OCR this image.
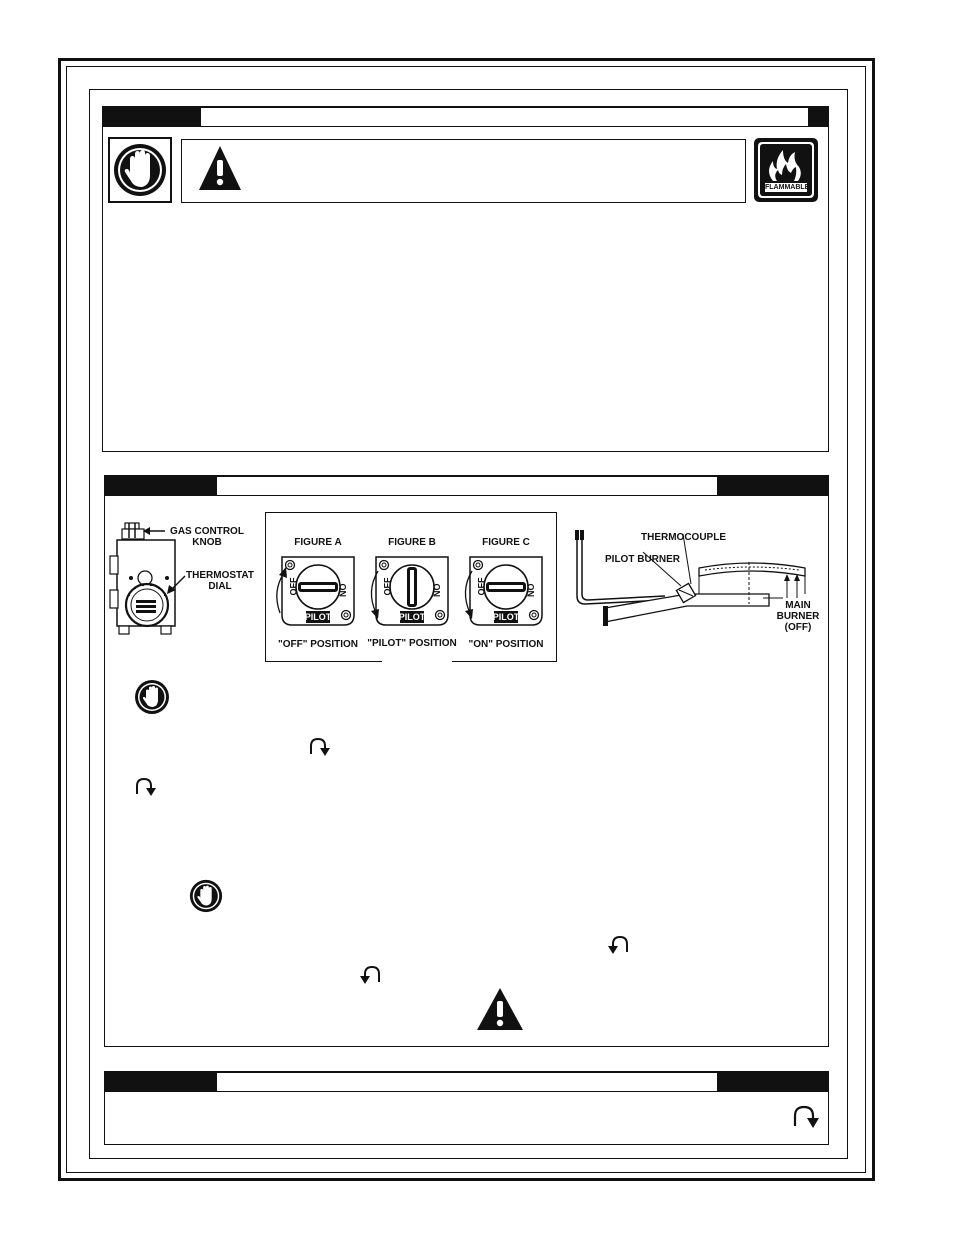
FLAMMABLE
GAS CONTROL
KNOB
THERMOSTAT
DIAL
FIGURE A
OFF	ON
PILOT
"OFF" POSITION
FIGURE B
OFF	ON
PILOT
"PILOT" POSITION
FIGURE C
OFF	ON
PILOT
"ON" POSITION
THERMOCOUPLE
PILOT BURNER
MAIN
BURNER
(OFF)
